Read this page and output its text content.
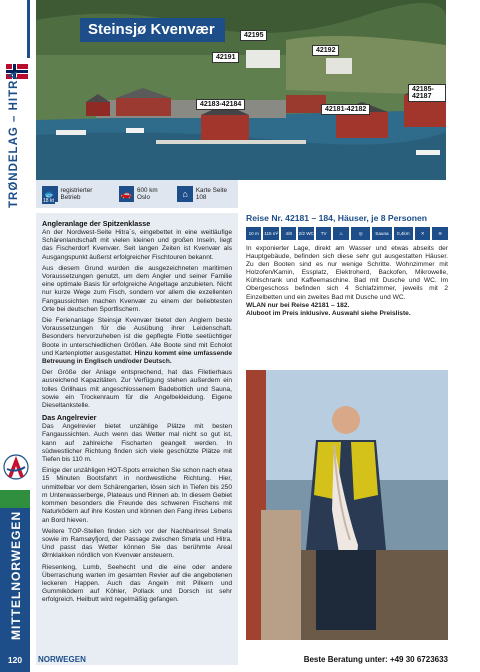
TRØNDELAG – HITRA
MITTELNORWEGEN
Steinsjø Kvenvær	42195
42191
42192
42183-42184
42181-42182
42185-42187
🐟 registrierter Betrieb	🚗 600 km Oslo	⌂	Karte Seite 108
18 kt
Angleranlage der Spitzenklasse

An der Nordwest-Seite Hitra´s, eingebettet in eine weitläufige Schärenlandschaft mit vielen kleinen und großen Inseln, liegt das Fischerdorf Kvenvær. Seit langen Zeiten ist Kvenvær als Ausgangspunkt äußerst erfolgreicher Fischtouren bekannt.

Aus diesem Grund wurden die ausgezeichneten maritimen Voraussetzungen genutzt, um dem Angler und seiner Familie eine optimale Basis für erfolgreiche Angeltage anzubieten. Nicht nur kurze Wege zum Fisch, sondern vor allem die exzellenten Fangaussichten machen Kvenvær zu einem der beliebtesten Orte bei deutschen Sportfischern.

Die Ferienanlage Steinsjø Kvenvær bietet den Anglern beste Voraussetzungen für die Ausübung ihrer Leidenschaft. Besonders hervorzuheben ist die gepflegte Flotte seetüchtiger Boote in unterschiedlichen Größen. Alle Boote sind mit Echolot und Kartenplotter ausgestattet. Hinzu kommt eine umfassende Betreuung in Englisch und/oder Deutsch.

Der Größe der Anlage entsprechend, hat das Filetierhaus ausreichend Kapazitäten. Zur Verfügung stehen außerdem ein tolles Grillhaus mit angeschlossenem Badebottich und Sauna, sowie ein Trockenraum für die Angelbekleidung. Eigene Dieseltankstelle.

Das Angelrevier

Das Angelrevier bietet unzählige Plätze mit besten Fangaussichten. Auch wenn das Wetter mal nicht so gut ist, kann auf zahlreiche Fischarten geangelt werden. In südwestlicher Richtung finden sich viele geschützte Plätze mit Tiefen bis 110 m.

Einige der unzähligen HOT-Spots erreichen Sie schon nach etwa 15 Minuten Bootsfahrt in nordwestliche Richtung. Hier, unmittelbar vor dem Schärengarten, lösen sich in Tiefen bis 250 m Unterwasserberge, Plateaus und Rinnen ab. In diesem Gebiet kommen besonders die Freunde des schweren Fischens mit Naturködern auf ihre Kosten und können den Fang ihres Lebens an Bord hieven.

Weitere TOP-Stellen finden sich vor der Nachbarinsel Smøla sowie im Ramsøyfjord, der Passage zwischen Smøla und Hitra. Und passt das Wetter können Sie das berühmte Areal Ørnklakken nördlich von Kvenvær ansteuern.

Riesenleng, Lumb, Seehecht und die eine oder andere Überraschung warten im gesamten Revier auf die angebotenen leckeren Happen. Auch das Angeln mit Pilkern und Gummiködern auf Köhler, Pollack und Dorsch ist sehr erfolgreich. Heilbutt wird regelmäßig gefangen.

Reise Nr. 42181 – 184, Häuser, je 8 Personen
10 m	115 m²	4/8	2/2 WC	TV	♨	◎	Sauna	0,4km	✕	≋
In exponierter Lage, direkt am Wasser und etwas abseits der Hauptgebäude, befinden sich diese sehr gut ausgestatten Häuser. Zu den Booten sind es nur wenige Schritte. Wohnzimmer mit Holzofen/Kamin, Essplatz, Elektroherd, Backofen, Mikrowelle, Kühlschrank und Kaffeemaschine. Bad mit Dusche und WC. Im Obergeschoss befinden sich 4 Schlafzimmer, jeweils mit 2 Einzelbetten und ein zweites Bad mit Dusche und WC.
WLAN nur bei Reise 42181 – 182.
Aluboot im Preis inklusive. Auswahl siehe Preisliste.
120	NORWEGEN	Beste Beratung unter: +49 30 6723633
